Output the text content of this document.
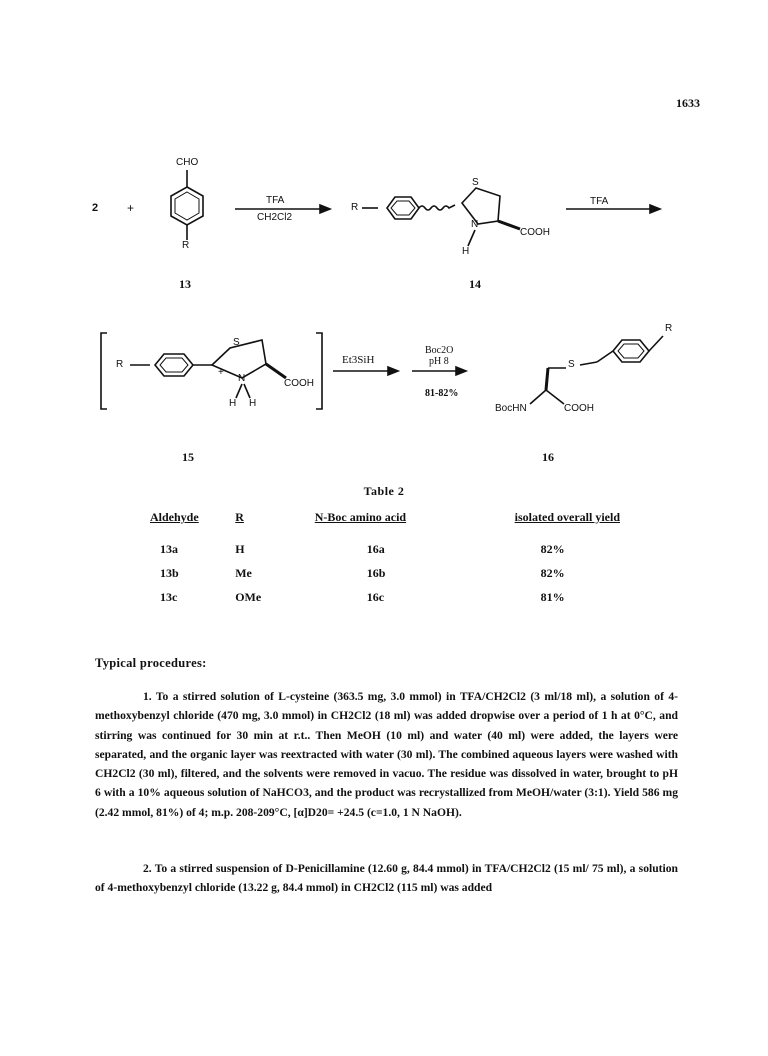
1633
2 +
CHO
R
13
TFA
CH2Cl2
R
S
N
H
COOH
14
TFA
R
S
+
N
H H
COOH
15
Et3SiH
Boc2O
pH 8
81-82%
R
S
BocHN	COOH
16
Table 2
Aldehyde	R	N-Boc amino acid	isolated overall yield
13a	H	16a	82%
13b	Me	16b	82%
13c	OMe	16c	81%
Typical procedures:
1. To a stirred solution of L-cysteine (363.5 mg, 3.0 mmol) in TFA/CH2Cl2 (3 ml/18 ml), a solution of 4-methoxybenzyl chloride (470 mg, 3.0 mmol) in CH2Cl2 (18 ml) was added dropwise over a period of 1 h at 0°C, and stirring was continued for 30 min at r.t.. Then MeOH (10 ml) and water (40 ml) were added, the layers were separated, and the organic layer was reextracted with water (30 ml). The combined aqueous layers were washed with CH2Cl2 (30 ml), filtered, and the solvents were removed in vacuo. The residue was dissolved in water, brought to pH 6 with a 10% aqueous solution of NaHCO3, and the product was recrystallized from MeOH/water (3:1). Yield 586 mg (2.42 mmol, 81%) of 4; m.p. 208-209°C, [α]D20= +24.5 (c=1.0, 1 N NaOH).
2. To a stirred suspension of D-Penicillamine (12.60 g, 84.4 mmol) in TFA/CH2Cl2 (15 ml/ 75 ml), a solution of 4-methoxybenzyl chloride (13.22 g, 84.4 mmol) in CH2Cl2 (115 ml) was added
